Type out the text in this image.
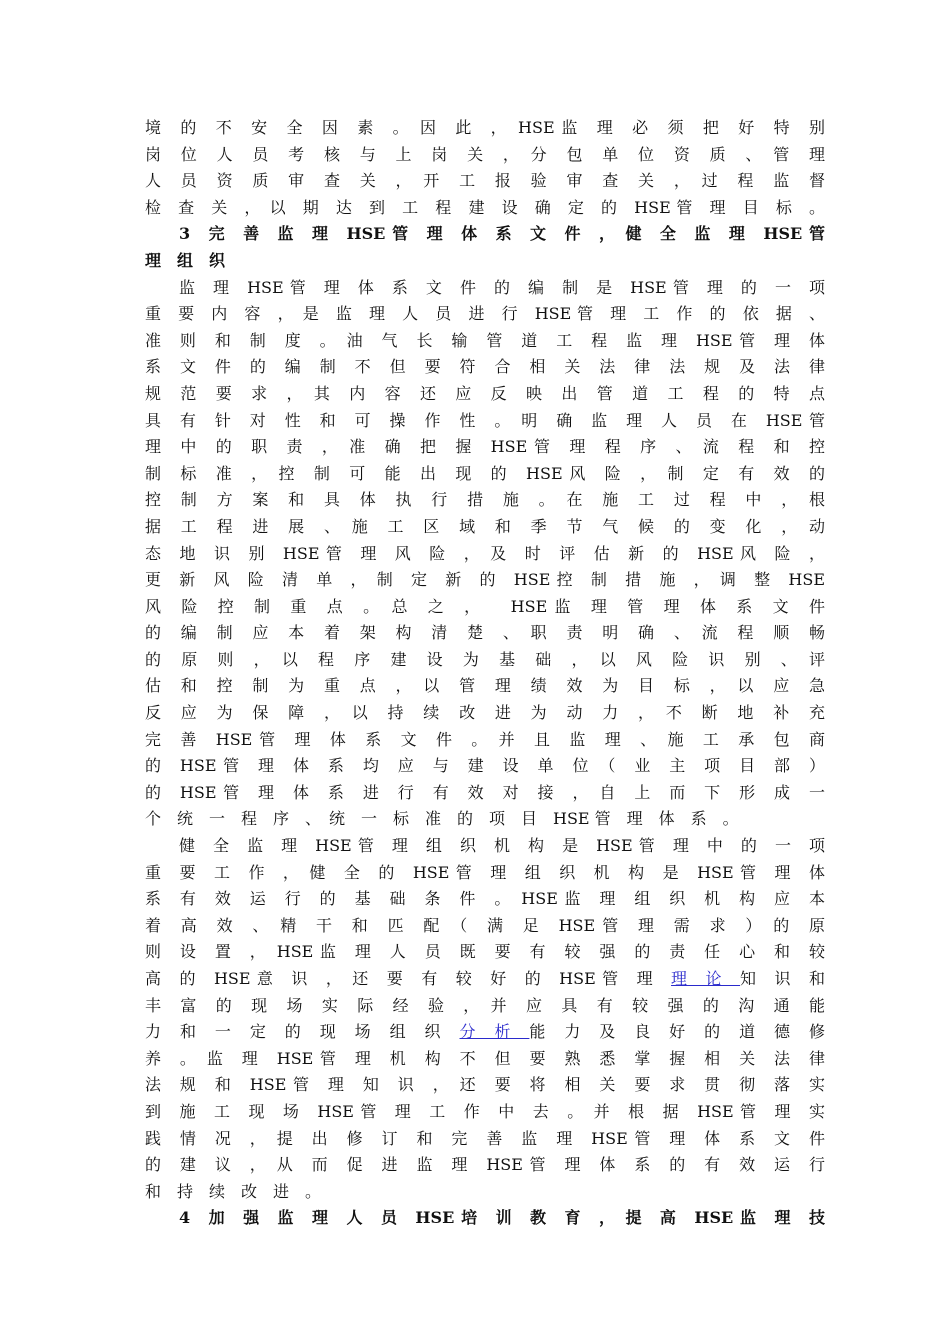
境　的　不　安　全　因　素　。　因　此　，　HSE 监　理　必　须　把　好　特　别
岗　位　人　员　考　核　与　上　岗　关　，　分　包　单　位　资　质　、　管　理
人　员　资　质　审　查　关　，　开　工　报　验　审　查　关　，　过　程　监　督
检　查　关　，　以　期　达　到　工　程　建　设　确　定　的　HSE 管　理　目　标　。
3　完　善　监　理　HSE 管　理　体　系　文　件　，　健　全　监　理　HSE 管
理　组　织
监　理　HSE 管　理　体　系　文　件　的　编　制　是　HSE 管　理　的　一　项
重　要　内　容　，　是　监　理　人　员　进　行　HSE 管　理　工　作　的　依　据　、
准　则　和　制　度　。　油　气　长　输　管　道　工　程　监　理　HSE 管　理　体
系　文　件　的　编　制　不　但　要　符　合　相　关　法　律　法　规　及　法　律
规　范　要　求　，　其　内　容　还　应　反　映　出　管　道　工　程　的　特　点
具　有　针　对　性　和　可　操　作　性　。　明　确　监　理　人　员　在　HSE 管
理　中　的　职　责　，　准　确　把　握　HSE 管　理　程　序　、　流　程　和　控
制　标　准　，　控　制　可　能　出　现　的　HSE 风　险　，　制　定　有　效　的
控　制　方　案　和　具　体　执　行　措　施　。　在　施　工　过　程　中　，　根
据　工　程　进　展　、　施　工　区　域　和　季　节　气　候　的　变　化　，　动
态　地　识　别　HSE 管　理　风　险　，　及　时　评　估　新　的　HSE 风　险　，
更　新　风　险　清　单　，　制　定　新　的　HSE 控　制　措　施　，　调　整　HSE
风　险　控　制　重　点　。　总　之　，　　HSE 监　理　管　理　体　系　文　件
的　编　制　应　本　着　架　构　清　楚　、　职　责　明　确　、　流　程　顺　畅
的　原　则　，　以　程　序　建　设　为　基　础　，　以　风　险　识　别　、　评
估　和　控　制　为　重　点　，　以　管　理　绩　效　为　目　标　，　以　应　急
反　应　为　保　障　，　以　持　续　改　进　为　动　力　，　不　断　地　补　充
完　善　HSE 管　理　体　系　文　件　。　并　且　监　理　、　施　工　承　包　商
的　HSE 管　理　体　系　均　应　与　建　设　单　位　（　业　主　项　目　部　）
的　HSE 管　理　体　系　进　行　有　效　对　接　，　自　上　而　下　形　成　一
个　统　一　程　序　、　统　一　标　准　的　项　目　HSE 管　理　体　系　。
健　全　监　理　HSE 管　理　组　织　机　构　是　HSE 管　理　中　的　一　项
重　要　工　作　，　健　全　的　HSE 管　理　组　织　机　构　是　HSE 管　理　体
系　有　效　运　行　的　基　础　条　件　。　HSE 监　理　组　织　机　构　应　本
着　高　效　、　精　干　和　匹　配　（　满　足　HSE 管　理　需　求　）　的　原
则　设　置　，　HSE 监　理　人　员　既　要　有　较　强　的　责　任　心　和　较
高　的　HSE 意　识　，　还　要　有　较　好　的　HSE 管　理　理　论　知　识　和
丰　富　的　现　场　实　际　经　验　，　并　应　具　有　较　强　的　沟　通　能
力　和　一　定　的　现　场　组　织　分　析　能　力　及　良　好　的　道　德　修
养　。　监　理　HSE 管　理　机　构　不　但　要　熟　悉　掌　握　相　关　法　律
法　规　和　HSE 管　理　知　识　，　还　要　将　相　关　要　求　贯　彻　落　实
到　施　工　现　场　HSE 管　理　工　作　中　去　。　并　根　据　HSE 管　理　实
践　情　况　，　提　出　修　订　和　完　善　监　理　HSE 管　理　体　系　文　件
的　建　议　，　从　而　促　进　监　理　HSE 管　理　体　系　的　有　效　运　行
和　持　续　改　进　。
4　加　强　监　理　人　员　HSE 培　训　教　育　，　提　高　HSE 监　理　技
